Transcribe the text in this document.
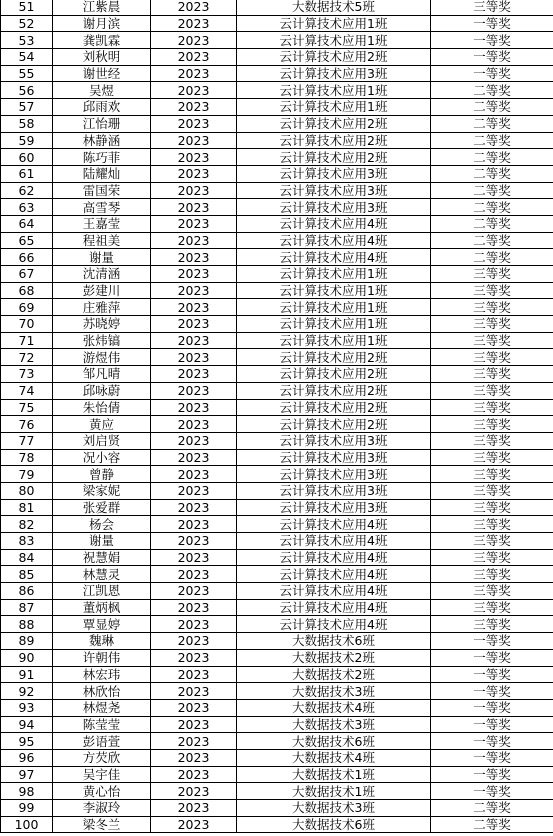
51	江紫晨	2023	大数据技术5班	三等奖
52	谢月滨	2023	云计算技术应用1班	一等奖
53	龚凯霖	2023	云计算技术应用1班	一等奖
54	刘秋明	2023	云计算技术应用2班	一等奖
55	谢世经	2023	云计算技术应用3班	一等奖
56	吴煜	2023	云计算技术应用1班	二等奖
57	邱雨欢	2023	云计算技术应用1班	二等奖
58	江怡珊	2023	云计算技术应用2班	二等奖
59	林静涵	2023	云计算技术应用2班	二等奖
60	陈巧菲	2023	云计算技术应用2班	二等奖
61	陆耀灿	2023	云计算技术应用3班	二等奖
62	雷国荣	2023	云计算技术应用3班	二等奖
63	高雪琴	2023	云计算技术应用3班	二等奖
64	王嘉莹	2023	云计算技术应用4班	二等奖
65	程祖美	2023	云计算技术应用4班	二等奖
66	谢量	2023	云计算技术应用4班	二等奖
67	沈清涵	2023	云计算技术应用1班	三等奖
68	彭建川	2023	云计算技术应用1班	三等奖
69	庄雅萍	2023	云计算技术应用1班	三等奖
70	苏晓婷	2023	云计算技术应用1班	三等奖
71	张炜镐	2023	云计算技术应用1班	三等奖
72	游煜伟	2023	云计算技术应用2班	三等奖
73	邹凡晴	2023	云计算技术应用2班	三等奖
74	邱咏蔚	2023	云计算技术应用2班	三等奖
75	朱怡倩	2023	云计算技术应用2班	三等奖
76	黄应	2023	云计算技术应用2班	三等奖
77	刘启贤	2023	云计算技术应用3班	三等奖
78	况小容	2023	云计算技术应用3班	三等奖
79	曾静	2023	云计算技术应用3班	三等奖
80	梁家妮	2023	云计算技术应用3班	三等奖
81	张爱群	2023	云计算技术应用3班	三等奖
82	杨会	2023	云计算技术应用4班	三等奖
83	谢量	2023	云计算技术应用4班	三等奖
84	祝慧娟	2023	云计算技术应用4班	三等奖
85	林慧灵	2023	云计算技术应用4班	三等奖
86	江凯恩	2023	云计算技术应用4班	三等奖
87	董炳枫	2023	云计算技术应用4班	三等奖
88	覃显婷	2023	云计算技术应用4班	三等奖
89	魏琳	2023	大数据技术6班	一等奖
90	许朝伟	2023	大数据技术2班	一等奖
91	林宏玮	2023	大数据技术2班	一等奖
92	林欣怡	2023	大数据技术3班	一等奖
93	林煜尧	2023	大数据技术4班	一等奖
94	陈莹莹	2023	大数据技术3班	一等奖
95	彭语萱	2023	大数据技术6班	一等奖
96	方芡欣	2023	大数据技术4班	一等奖
97	吴宇佳	2023	大数据技术1班	一等奖
98	黄心怡	2023	大数据技术1班	一等奖
99	李淑玲	2023	大数据技术3班	二等奖
100	梁冬兰	2023	大数据技术6班	二等奖
